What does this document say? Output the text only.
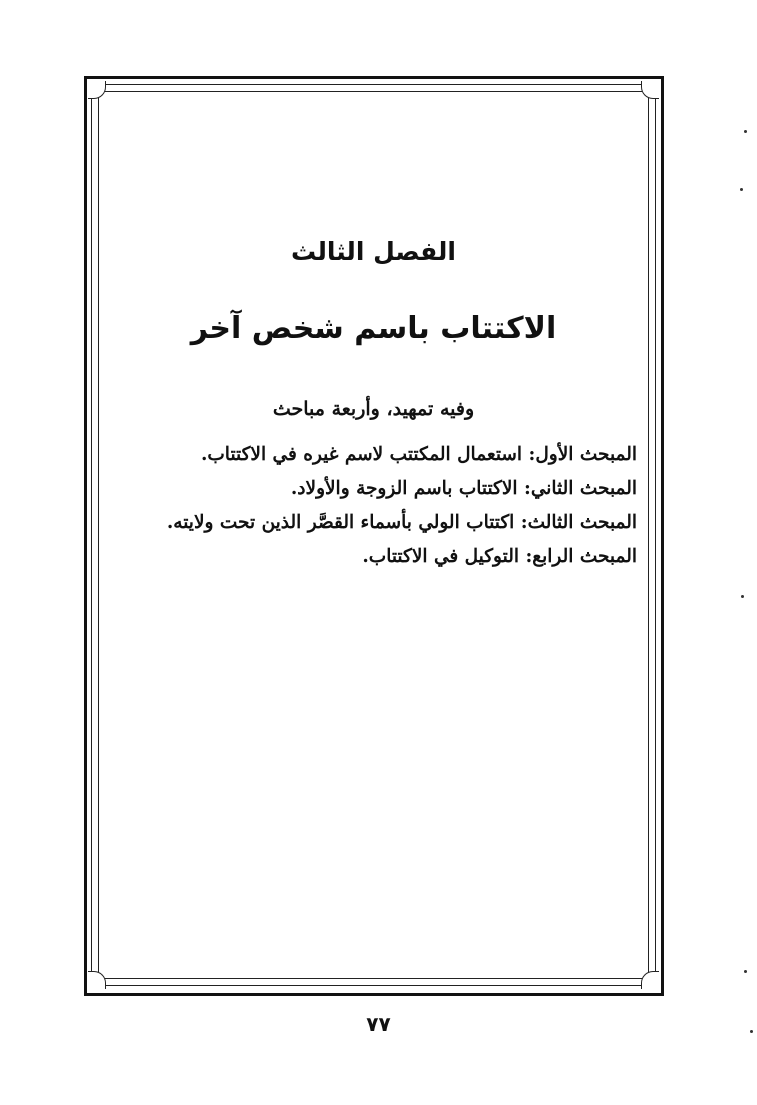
الفصل الثالث
الاكتتاب باسم شخص آخر
وفيه تمهيد، وأربعة مباحث
المبحث الأول: استعمال المكتتب لاسم غيره في الاكتتاب.
المبحث الثاني: الاكتتاب باسم الزوجة والأولاد.
المبحث الثالث: اكتتاب الولي بأسماء القصَّر الذين تحت ولايته.
المبحث الرابع: التوكيل في الاكتتاب.
٧٧
